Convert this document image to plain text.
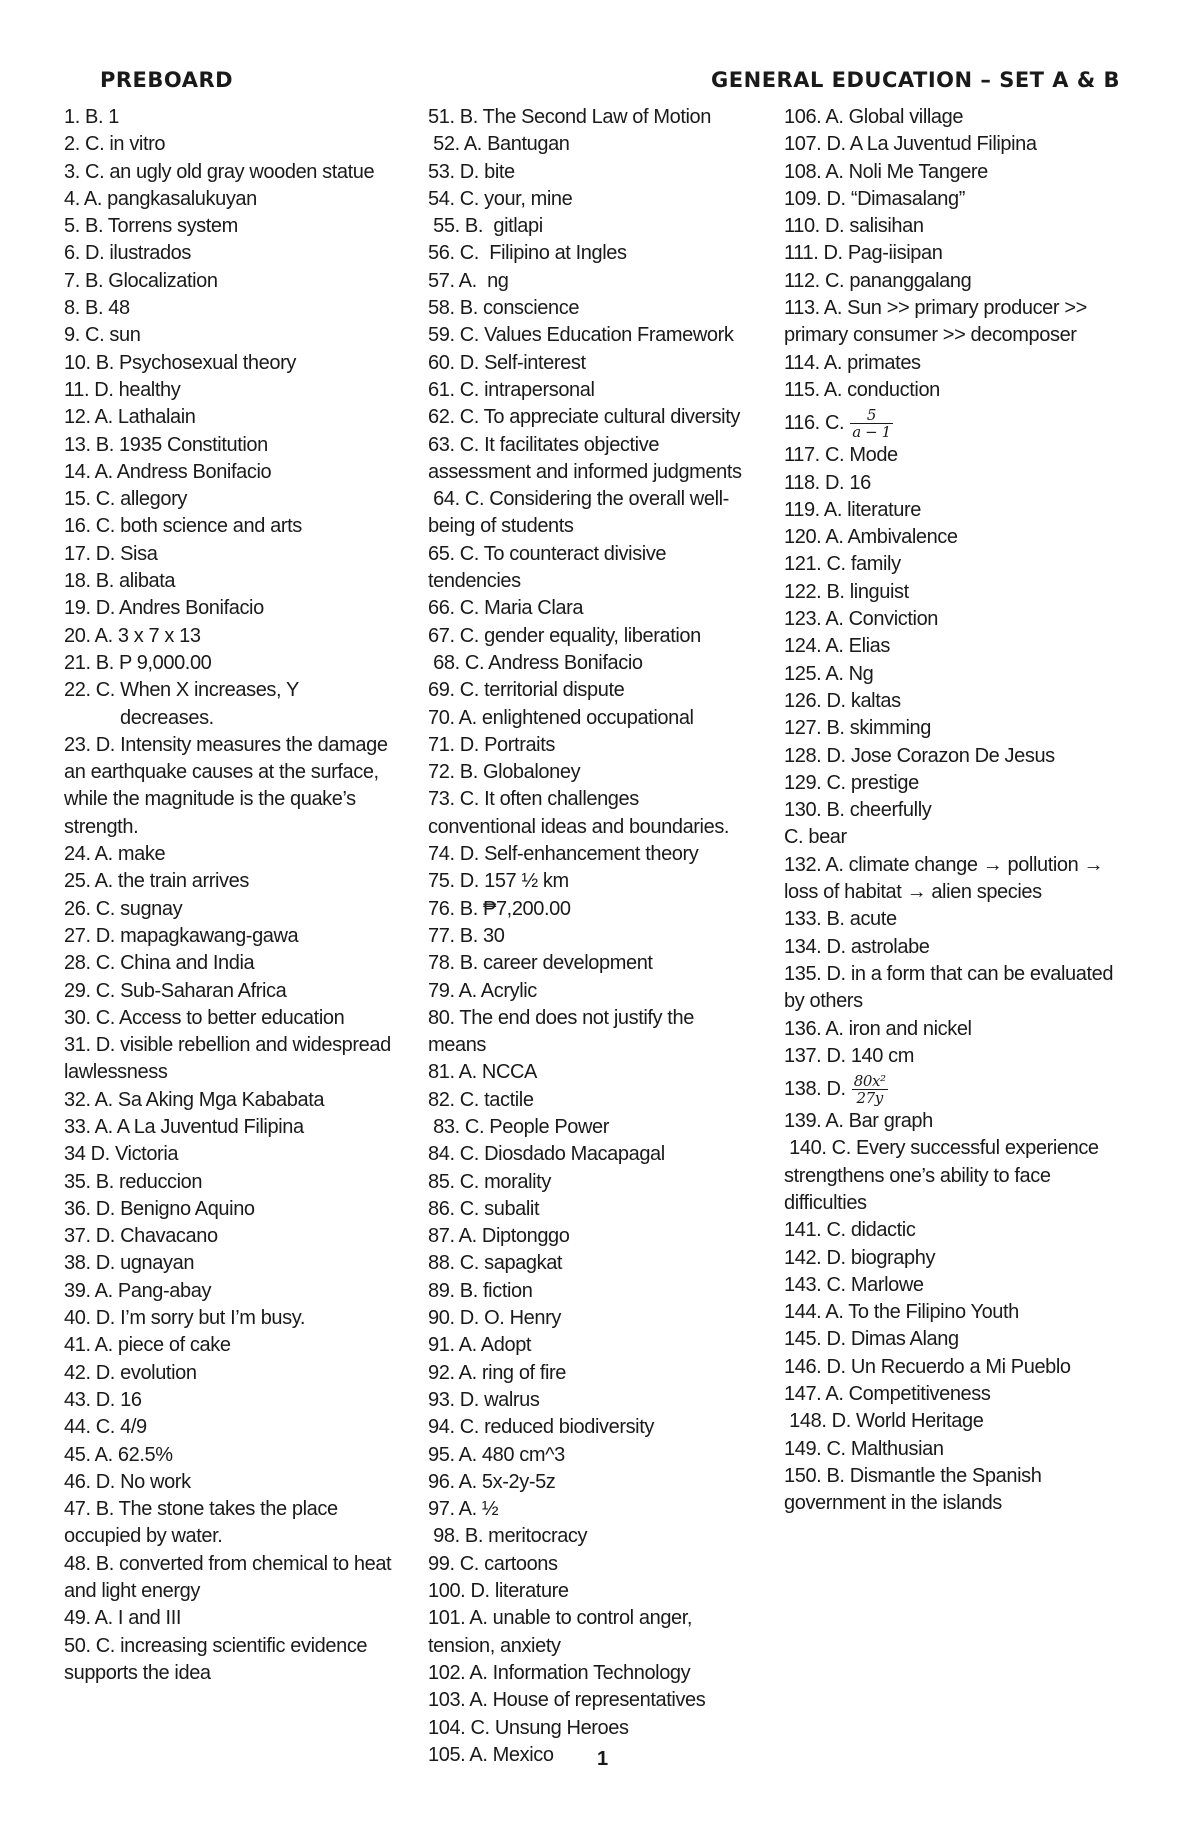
PREBOARD	GENERAL EDUCATION – SET A & B

1. B. 1

2. C. in vitro

3. C. an ugly old gray wooden statue

4. A. pangkasalukuyan

5. B. Torrens system

6. D. ilustrados

7. B. Glocalization

8. B. 48

9. C. sun

10. B. Psychosexual theory

11. D. healthy

12. A. Lathalain

13. B. 1935 Constitution

14. A. Andress Bonifacio

15. C. allegory

16. C. both science and arts

17. D. Sisa

18. B. alibata

19. D. Andres Bonifacio

20. A. 3 x 7 x 13

21. B. P 9,000.00

22. C. When X increases, Y

decreases.

23. D. Intensity measures the damage

an earthquake causes at the surface,

while the magnitude is the quake’s

strength.

24. A. make

25. A. the train arrives

26. C. sugnay

27. D. mapagkawang-gawa

28. C. China and India

29. C. Sub-Saharan Africa

30. C. Access to better education

31. D. visible rebellion and widespread

lawlessness

32. A. Sa Aking Mga Kababata

33. A. A La Juventud Filipina

34 D. Victoria

35. B. reduccion

36. D. Benigno Aquino

37. D. Chavacano

38. D. ugnayan

39. A. Pang-abay

40. D. I’m sorry but I’m busy.

41. A. piece of cake

42. D. evolution

43. D. 16

44. C. 4/9

45. A. 62.5%

46. D. No work

47. B. The stone takes the place

occupied by water.

48. B. converted from chemical to heat

and light energy

49. A. I and III

50. C. increasing scientific evidence

supports the idea

51. B. The Second Law of Motion

52. A. Bantugan

53. D. bite

54. C. your, mine

55. B.  gitlapi

56. C.  Filipino at Ingles

57. A.  ng

58. B. conscience

59. C. Values Education Framework

60. D. Self-interest

61. C. intrapersonal

62. C. To appreciate cultural diversity

63. C. It facilitates objective

assessment and informed judgments

64. C. Considering the overall well-

being of students

65. C. To counteract divisive

tendencies

66. C. Maria Clara

67. C. gender equality, liberation

68. C. Andress Bonifacio

69. C. territorial dispute

70. A. enlightened occupational

71. D. Portraits

72. B. Globaloney

73. C. It often challenges

conventional ideas and boundaries.

74. D. Self-enhancement theory

75. D. 157 ½ km

76. B. ₱7,200.00

77. B. 30

78. B. career development

79. A. Acrylic

80. The end does not justify the

means

81. A. NCCA

82. C. tactile

83. C. People Power

84. C. Diosdado Macapagal

85. C. morality

86. C. subalit

87. A. Diptonggo

88. C. sapagkat

89. B. fiction

90. D. O. Henry

91. A. Adopt

92. A. ring of fire

93. D. walrus

94. C. reduced biodiversity

95. A. 480 cm^3

96. A. 5x-2y-5z

97. A. ½

98. B. meritocracy

99. C. cartoons

100. D. literature

101. A. unable to control anger,

tension, anxiety

102. A. Information Technology

103. A. House of representatives

104. C. Unsung Heroes

105. A. Mexico

106. A. Global village

107. D. A La Juventud Filipina

108. A. Noli Me Tangere

109. D. “Dimasalang”

110. D. salisihan

111. D. Pag-iisipan

112. C. pananggalang

113. A. Sun >> primary producer >>

primary consumer >> decomposer

114. A. primates

115. A. conduction

116. C. $\frac{5}{a - 1}$

117. C. Mode

118. D. 16

119. A. literature

120. A. Ambivalence

121. C. family

122. B. linguist

123. A. Conviction

124. A. Elias

125. A. Ng

126. D. kaltas

127. B. skimming

128. D. Jose Corazon De Jesus

129. C. prestige

130. B. cheerfully

C. bear

132. A. climate change → pollution →

loss of habitat → alien species

133. B. acute

134. D. astrolabe

135. D. in a form that can be evaluated

by others

136. A. iron and nickel

137. D. 140 cm

138. D. $\frac{\text{80x²}}{27y}$

139. A. Bar graph

140. C. Every successful experience

strengthens one’s ability to face

difficulties

141. C. didactic

142. D. biography

143. C. Marlowe

144. A. To the Filipino Youth

145. D. Dimas Alang

146. D. Un Recuerdo a Mi Pueblo

147. A. Competitiveness

148. D. World Heritage

149. C. Malthusian

150. B. Dismantle the Spanish

government in the islands

1
